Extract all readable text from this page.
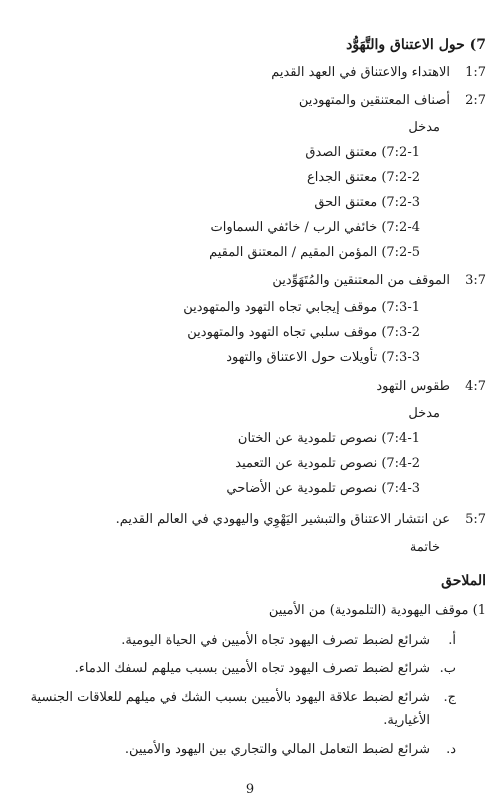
7) حول الاعتناق والتَّهَوُّد
1:7الاهتداء والاعتناق في العهد القديم
2:7أصناف المعتنقين والمتهودين
مدخل
7:2-1) معتنق الصدق
7:2-2) معتنق الجداع
7:2-3) معتنق الحق
7:2-4) خائفي الرب / خائفي السماوات
7:2-5) المؤمن المقيم / المعتنق المقيم
3:7الموقف من المعتنقين والمُتَهَوِّدين
7:3-1) موقف إيجابي تجاه التهود والمتهودين
7:3-2) موقف سلبي تجاه التهود والمتهودين
7:3-3) تأويلات حول الاعتناق والتهود
4:7طقوس التهود
مدخل
7:4-1) نصوص تلمودية عن الختان
7:4-2) نصوص تلمودية عن التعميد
7:4-3) نصوص تلمودية عن الأضاحي
5:7عن انتشار الاعتناق والتبشير اليَهْوِي واليهودي في العالم القديم.
خاتمة
الملاحق
1) موقف اليهودية (التلمودية) من الأميين
أ.شرائع لضبط تصرف اليهود تجاه الأميين في الحياة اليومية.
ب.شرائع لضبط تصرف اليهود تجاه الأميين بسبب ميلهم لسفك الدماء.
ج.شرائع لضبط علاقة اليهود بالأميين بسبب الشك في ميلهم للعلاقات الجنسية
الأغيارية.
د.شرائع لضبط التعامل المالي والتجاري بين اليهود والأميين.
9
